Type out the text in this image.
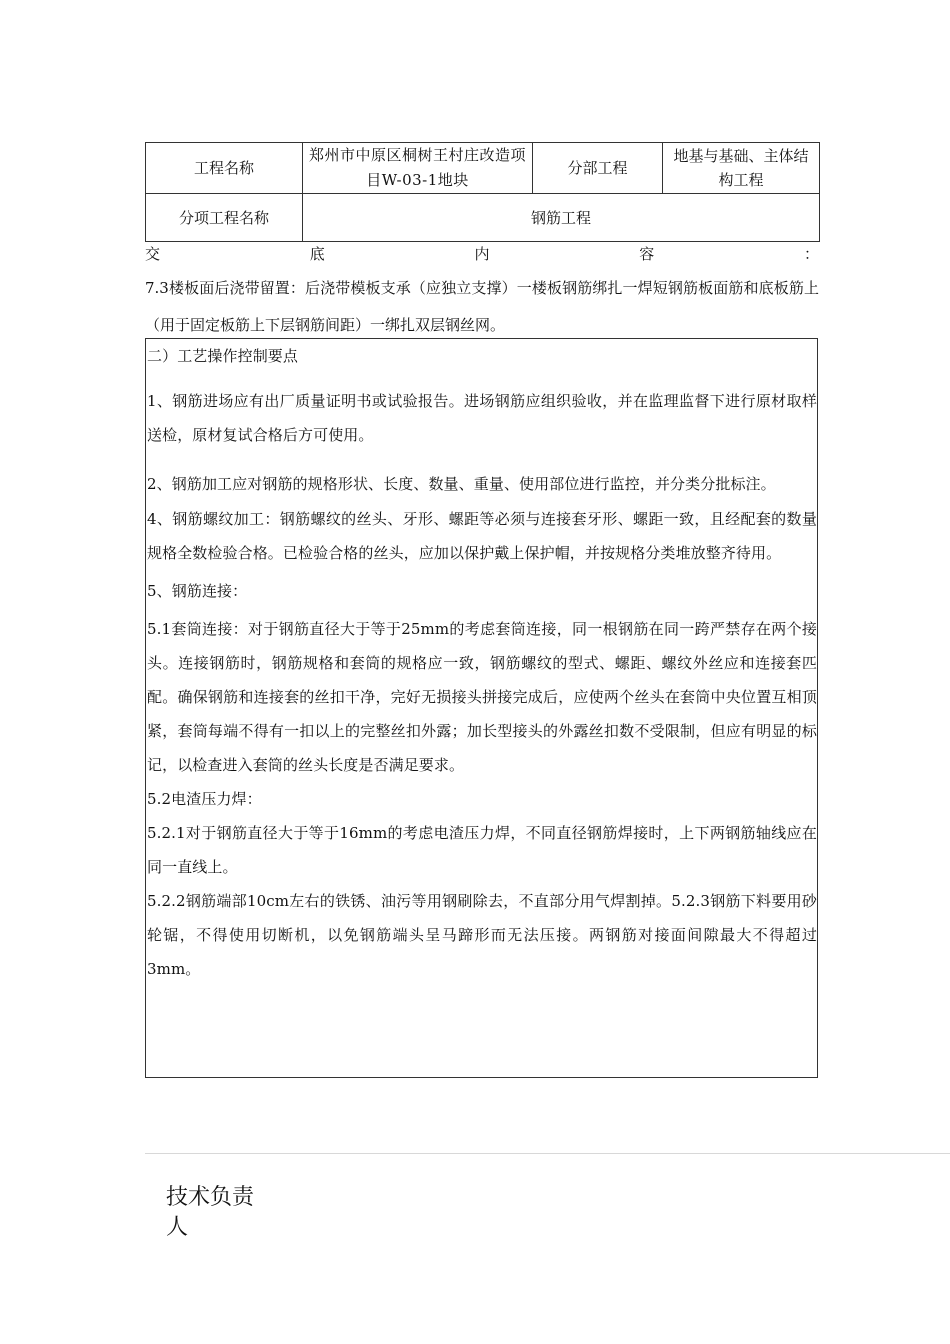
工程名称	郑州市中原区桐树王村庄改造项目W-03-1地块	分部工程	地基与基础、主体结构工程
分项工程名称	钢筋工程		
交	底	内	容	：
7.3楼板面后浇带留置：后浇带模板支承（应独立支撑）一楼板钢筋绑扎一焊短钢筋板面筋和底板筋上（用于固定板筋上下层钢筋间距）一绑扎双层钢丝网。

二）工艺操作控制要点

1、钢筋进场应有出厂质量证明书或试验报告。进场钢筋应组织验收，并在监理监督下进行原材取样送检，原材复试合格后方可使用。

2、钢筋加工应对钢筋的规格形状、长度、数量、重量、使用部位进行监控，并分类分批标注。

4、钢筋螺纹加工：钢筋螺纹的丝头、牙形、螺距等必须与连接套牙形、螺距一致，且经配套的数量规格全数检验合格。已检验合格的丝头，应加以保护戴上保护帽，并按规格分类堆放整齐待用。

5、钢筋连接：

5.1套筒连接：对于钢筋直径大于等于25mm的考虑套筒连接，同一根钢筋在同一跨严禁存在两个接头。连接钢筋时，钢筋规格和套筒的规格应一致，钢筋螺纹的型式、螺距、螺纹外丝应和连接套匹配。确保钢筋和连接套的丝扣干净，完好无损接头拼接完成后，应使两个丝头在套筒中央位置互相顶紧，套筒每端不得有一扣以上的完整丝扣外露；加长型接头的外露丝扣数不受限制，但应有明显的标记，以检查进入套筒的丝头长度是否满足要求。

5.2电渣压力焊：

5.2.1对于钢筋直径大于等于16mm的考虑电渣压力焊，不同直径钢筋焊接时，上下两钢筋轴线应在同一直线上。

5.2.2钢筋端部10cm左右的铁锈、油污等用钢刷除去，不直部分用气焊割掉。5.2.3钢筋下料要用砂轮锯，不得使用切断机，以免钢筋端头呈马蹄形而无法压接。两钢筋对接面间隙最大不得超过3mm。

技术负责人
